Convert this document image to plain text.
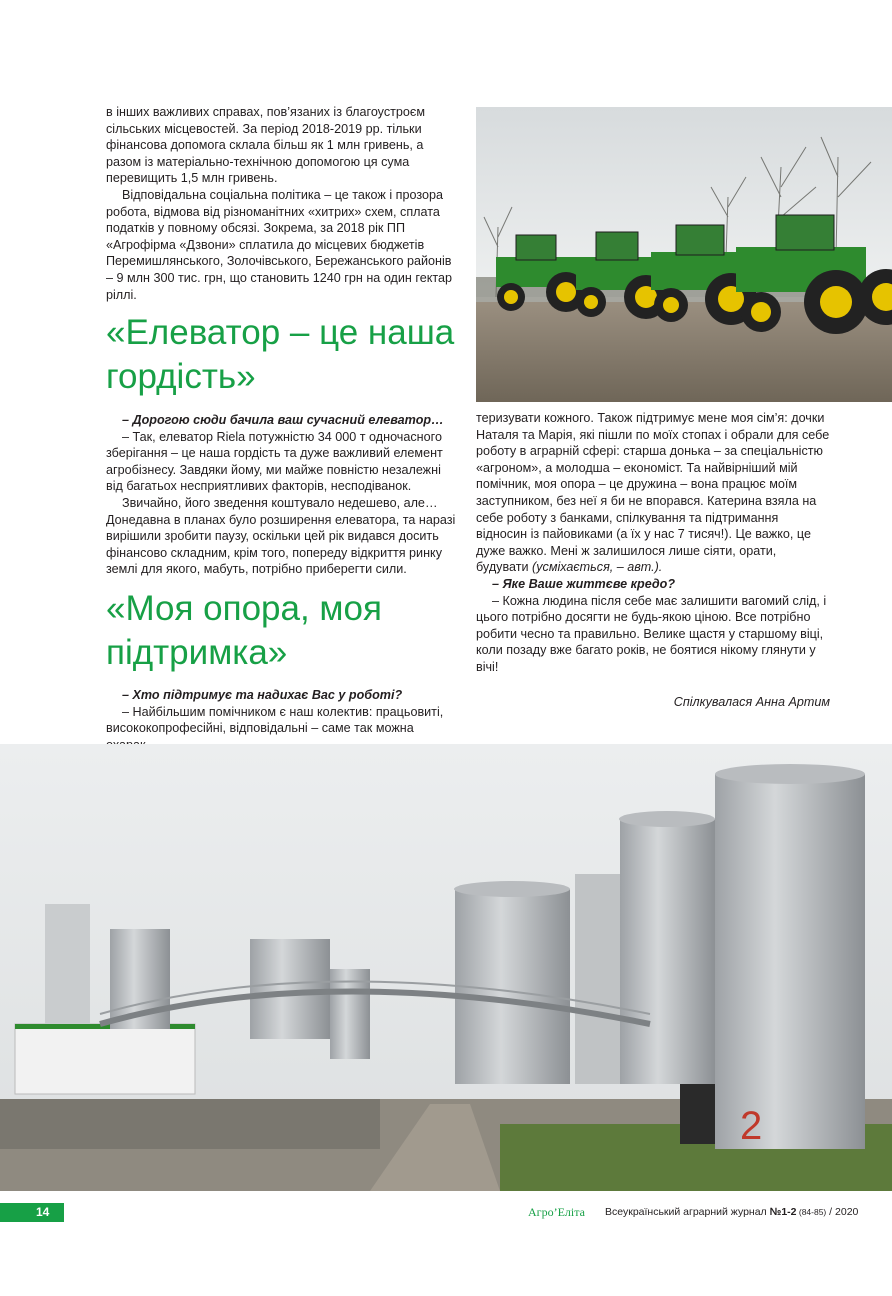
в інших важливих справах, пов’язаних із благоустроєм сільських місцевостей. За період 2018-2019 рр. тільки фінансова допомога склала більш як 1 млн гривень, а разом із матеріально-технічною допомогою ця сума перевищить 1,5 млн гривень.

Відповідальна соціальна політика – це також і прозора робота, відмова від різноманітних «хитрих» схем, сплата податків у повному обсязі. Зокрема, за 2018 рік ПП «Агрофірма «Дзвони» сплатила до місцевих бюджетів Перемишлянського, Золочівського, Бережанського районів – 9 млн 300 тис. грн, що становить 1240 грн на один гектар ріллі.

«Елеватор – це наша
гордість»

– Дорогою сюди бачила ваш сучасний елеватор…

– Так, елеватор Riela потужністю 34 000 т одночасного зберігання – це наша гордість та дуже важливий елемент агробізнесу. Завдяки йому, ми майже повністю незалежні від багатьох несприятливих факторів, несподіванок.

Звичайно, його зведення коштувало недешево, але… Донедавна в планах було розширення елеватора, та наразі вирішили зробити паузу, оскільки цей рік видався досить фінансово складним, крім того, попереду відкриття ринку землі для якого, мабуть, потрібно приберегти сили.

«Моя опора, моя
підтримка»

– Хто підтримує та надихає Вас у роботі?

– Найбільшим помічником є наш колектив: працьовиті, висококопрофесійні, відповідальні – саме так можна

теризувати кожного. Також підтримує мене моя сім’я: дочки Наталя та Марія, які пішли по моїх стопах і обрали для себе роботу в аграрній сфері: старша донька – за спеціальністю «агроном», а молодша – економіст. Та найвірніший мій помічник, моя опора – це дружина – вона працює моїм заступником, без неї я би не впорався. Катерина взяла на себе роботу з банками, спілкування та підтримання відносин із пайовиками (а їх у нас 7 тисяч!). Це важко, це дуже важко. Мені ж залишилося лише сіяти, орати, будувати (усміхається, – авт.).

– Яке Ваше життєве кредо?

– Кожна людина після себе має залишити вагомий слід, і цього потрібно досягти не будь-якою ціною. Все потрібно робити чесно та правильно. Велике щастя у старшому віці, коли позаду вже багато років, не боятися нікому глянути у вічі!

Спілкувалася Анна Артим
2
14	Агро’Еліта Всеукраїнський аграрний журнал №1-2 (84-85) / 2020
